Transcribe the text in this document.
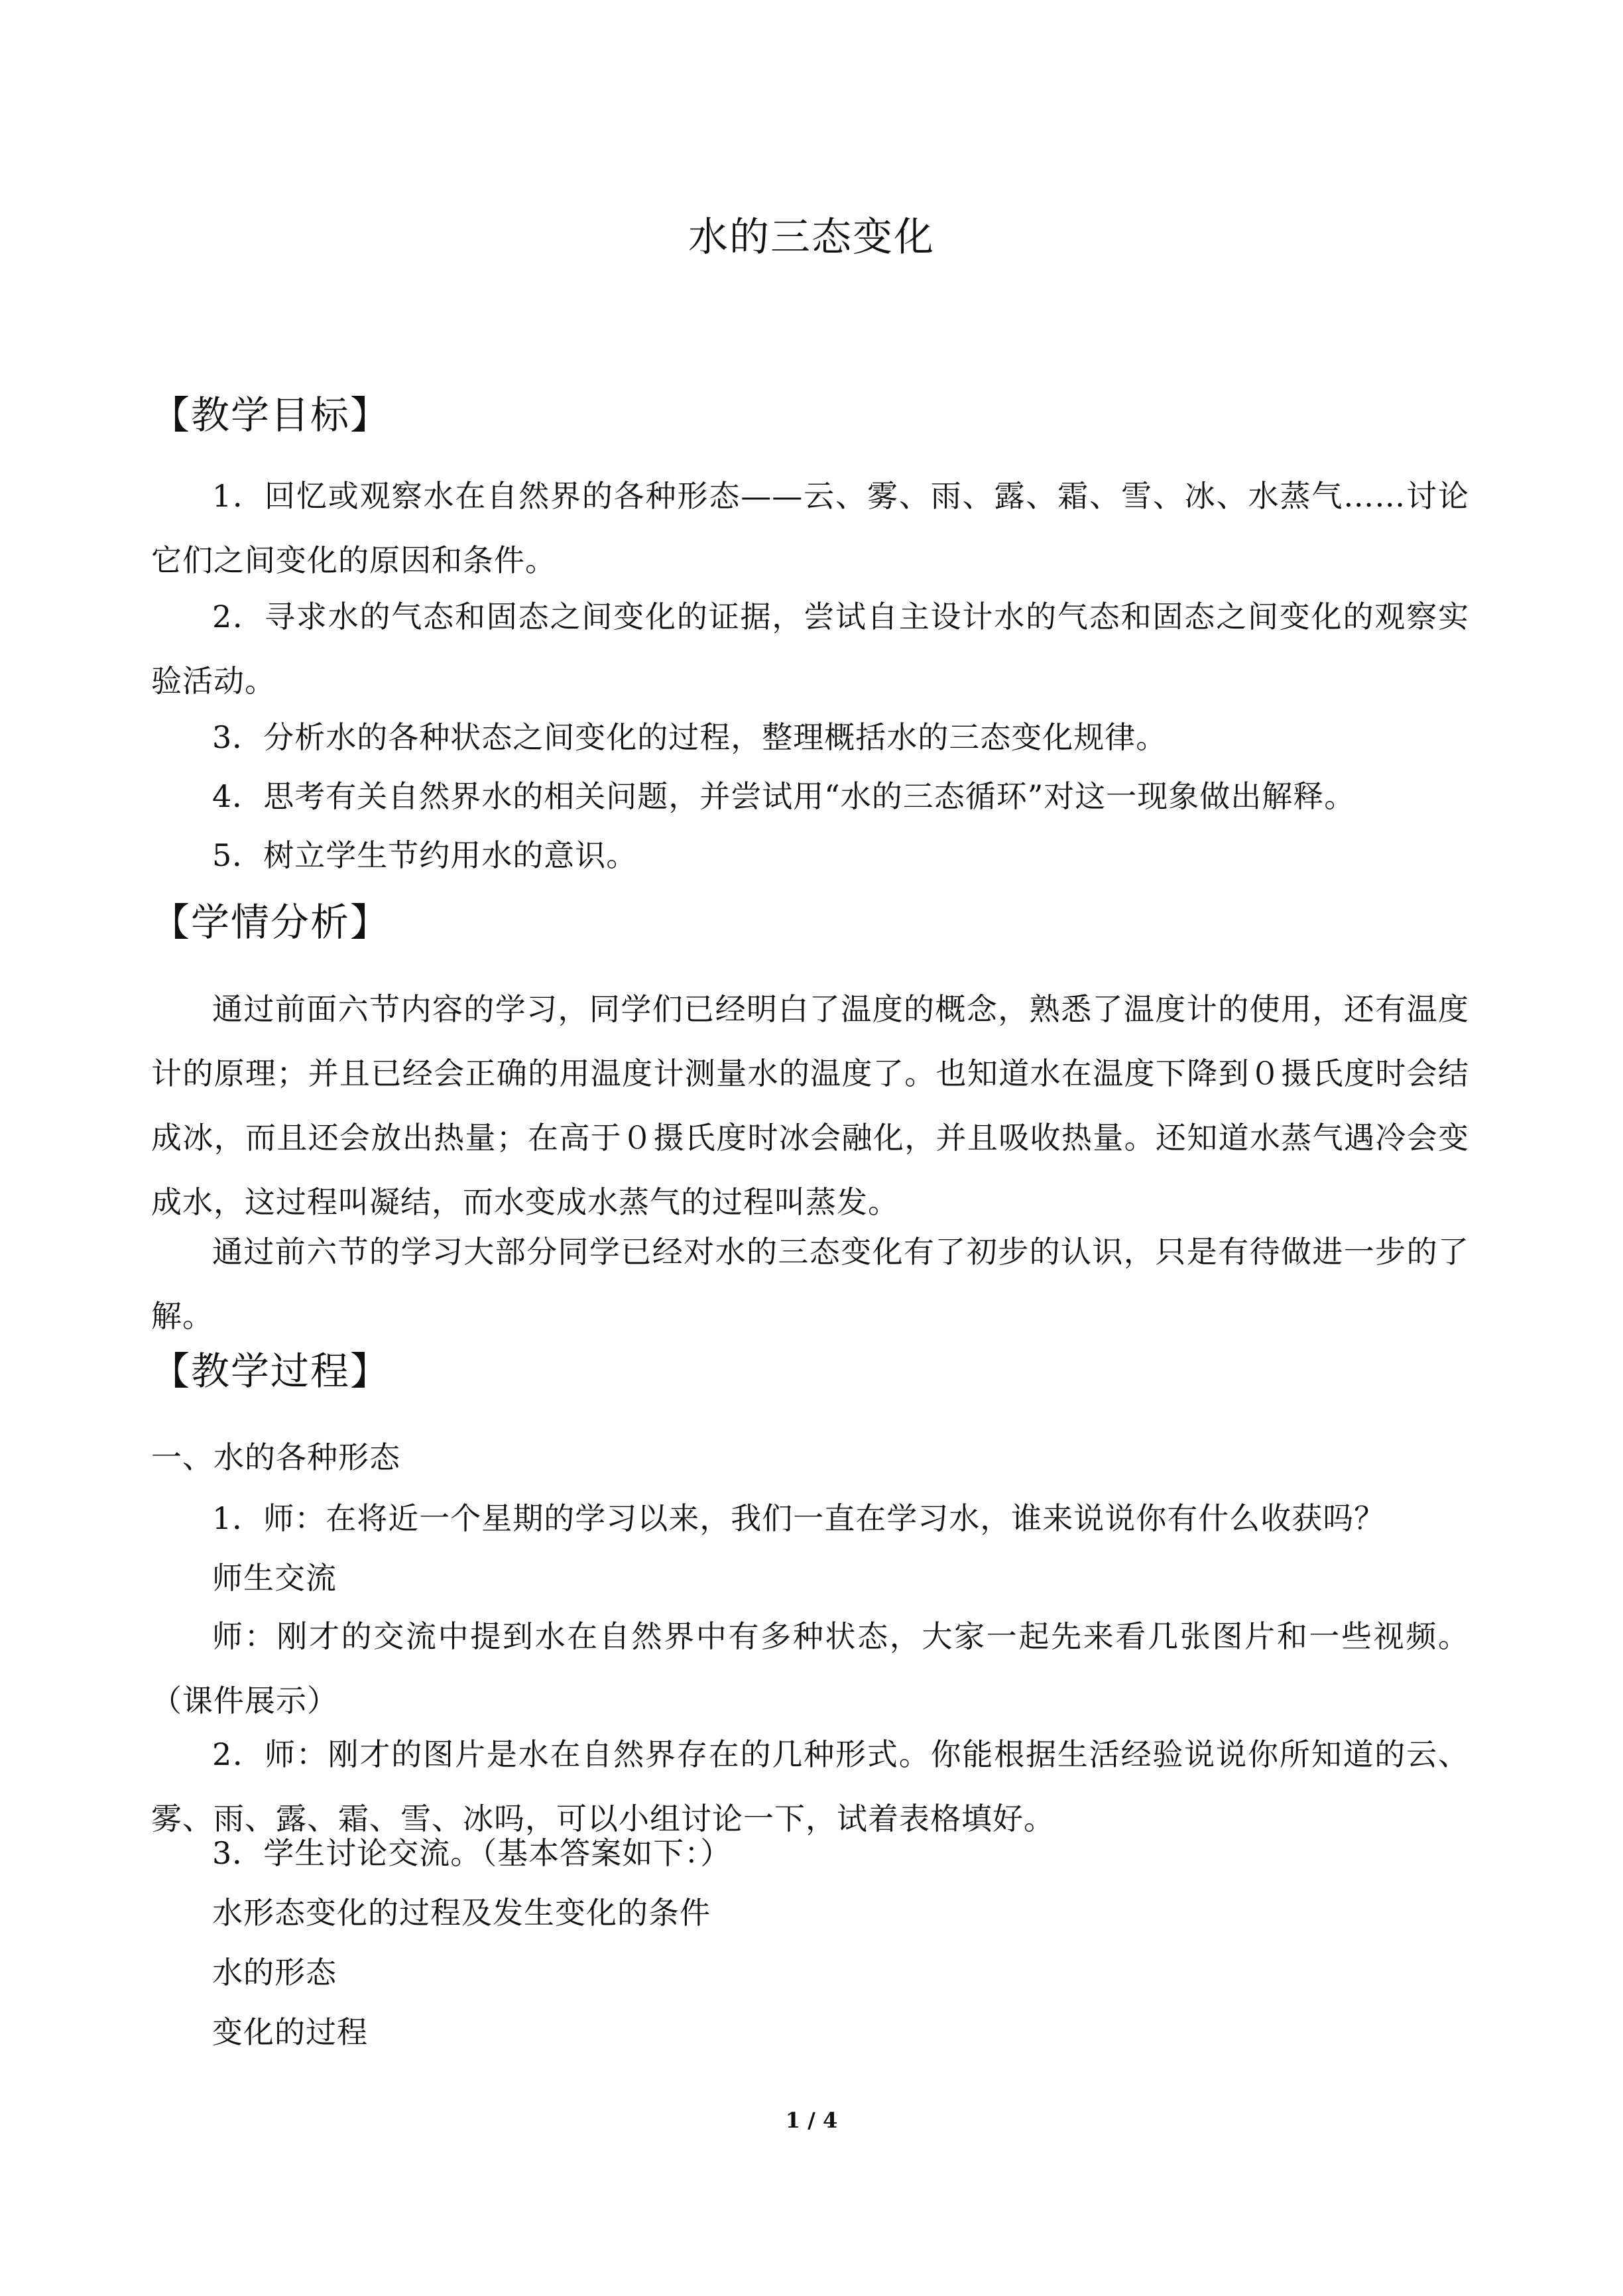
水的三态变化
【教学目标】
1．回忆或观察水在自然界的各种形态——云、雾、雨、露、霜、雪、冰、水蒸气……讨论它们之间变化的原因和条件。
2．寻求水的气态和固态之间变化的证据，尝试自主设计水的气态和固态之间变化的观察实验活动。
3．分析水的各种状态之间变化的过程，整理概括水的三态变化规律。
4．思考有关自然界水的相关问题，并尝试用“水的三态循环”对这一现象做出解释。
5．树立学生节约用水的意识。
【学情分析】
通过前面六节内容的学习，同学们已经明白了温度的概念，熟悉了温度计的使用，还有温度计的原理；并且已经会正确的用温度计测量水的温度了。也知道水在温度下降到０摄氏度时会结成冰，而且还会放出热量；在高于０摄氏度时冰会融化，并且吸收热量。还知道水蒸气遇冷会变成水，这过程叫凝结，而水变成水蒸气的过程叫蒸发。
通过前六节的学习大部分同学已经对水的三态变化有了初步的认识，只是有待做进一步的了解。
【教学过程】
一、水的各种形态
1．师：在将近一个星期的学习以来，我们一直在学习水，谁来说说你有什么收获吗？
师生交流
师：刚才的交流中提到水在自然界中有多种状态，大家一起先来看几张图片和一些视频。（课件展示）
2．师：刚才的图片是水在自然界存在的几种形式。你能根据生活经验说说你所知道的云、雾、雨、露、霜、雪、冰吗，可以小组讨论一下，试着表格填好。
3．学生讨论交流。（基本答案如下：）
水形态变化的过程及发生变化的条件
水的形态
变化的过程
1 / 4
